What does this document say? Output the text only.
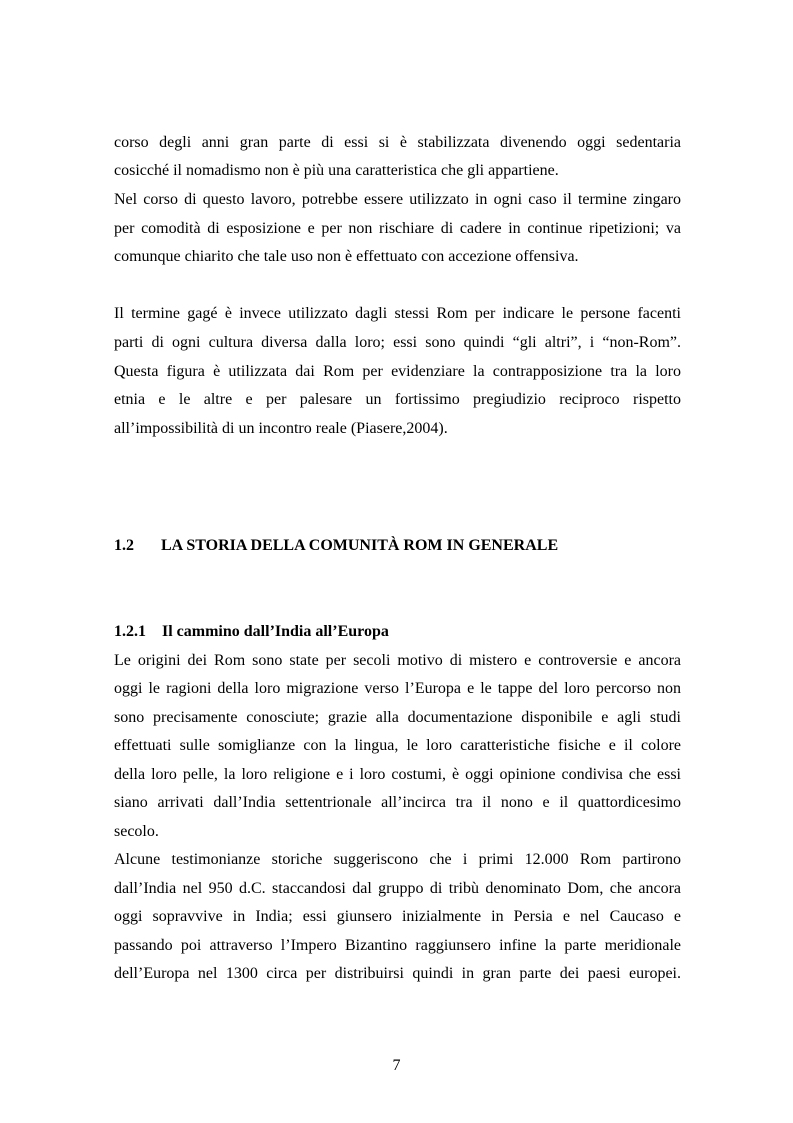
corso degli anni gran parte di essi si è stabilizzata divenendo oggi sedentaria

cosicché il nomadismo non è più una caratteristica che gli appartiene.

Nel corso di questo lavoro, potrebbe essere utilizzato in ogni caso il termine zingaro

per comodità di esposizione e per non rischiare di cadere in continue ripetizioni; va

comunque chiarito che tale uso non è effettuato con accezione offensiva.

Il termine gagé è invece utilizzato dagli stessi Rom per indicare le persone facenti

parti di ogni cultura diversa dalla loro; essi sono quindi “gli altri”, i “non-Rom”.

Questa figura è utilizzata dai Rom per evidenziare la contrapposizione tra la loro

etnia e le altre e per palesare un fortissimo pregiudizio reciproco rispetto

all’impossibilità di un incontro reale (Piasere,2004).

1.2 LA STORIA DELLA COMUNITÀ ROM IN GENERALE
1.2.1 Il cammino dall’India all’Europa

Le origini dei Rom sono state per secoli motivo di mistero e controversie e ancora

oggi le ragioni della loro migrazione verso l’Europa e le tappe del loro percorso non

sono precisamente conosciute; grazie alla documentazione disponibile e agli studi

effettuati sulle somiglianze con la lingua, le loro caratteristiche fisiche e il colore

della loro pelle, la loro religione e i loro costumi, è oggi opinione condivisa che essi

siano arrivati dall’India settentrionale all’incirca tra il nono e il quattordicesimo

secolo.

Alcune testimonianze storiche suggeriscono che i primi 12.000 Rom partirono

dall’India nel 950 d.C. staccandosi dal gruppo di tribù denominato Dom, che ancora

oggi sopravvive in India; essi giunsero inizialmente in Persia e nel Caucaso e

passando poi attraverso l’Impero Bizantino raggiunsero infine la parte meridionale

dell’Europa nel 1300 circa per distribuirsi quindi in gran parte dei paesi europei.

7
